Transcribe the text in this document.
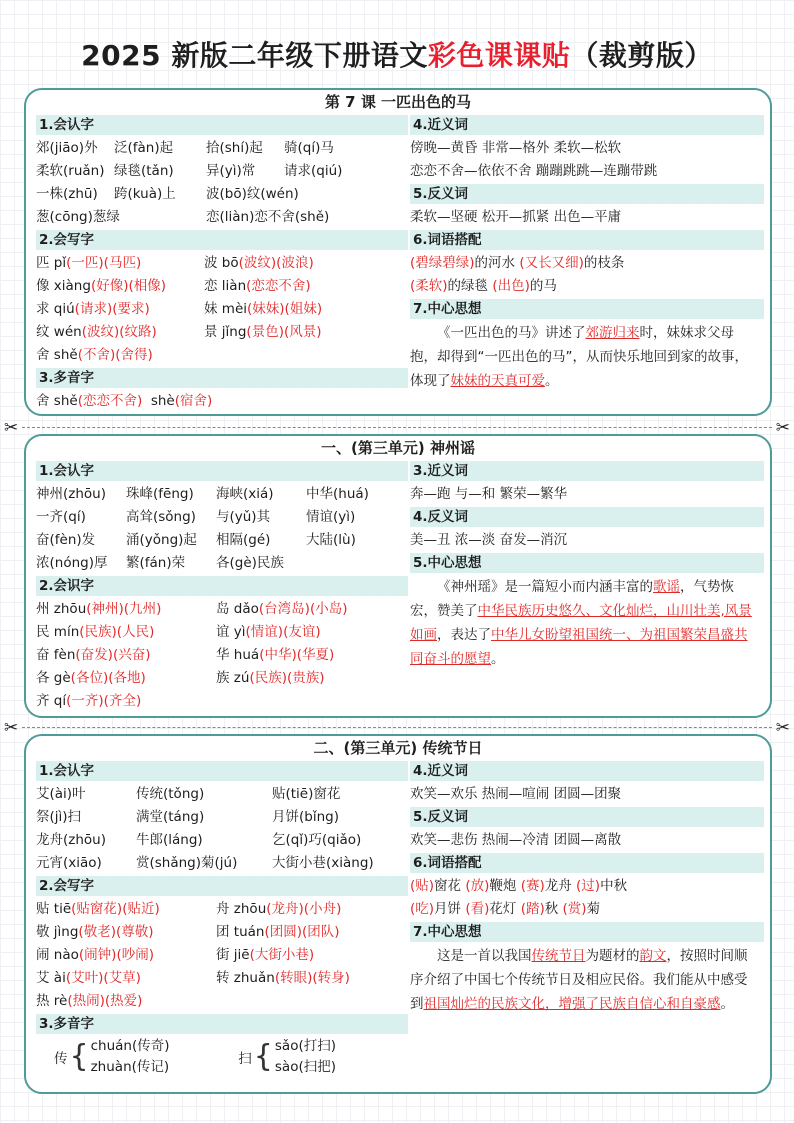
2025 新版二年级下册语文彩色课课贴（裁剪版）
第 7 课 一匹出色的马
1.会认字
郊(jiāo)外 泛(fàn)起 拾(shí)起 骑(qí)马
柔软(ruǎn) 绿毯(tǎn) 异(yì)常 请求(qiú)
一株(zhū) 跨(kuà)上 波(bō)纹(wén)
葱(cōng)葱绿	恋(liàn)恋不舍(shě)
2.会写字
匹 pǐ(一匹)(马匹)	波 bō(波纹)(波浪)
像 xiàng(好像)(相像)	恋 liàn(恋恋不舍)
求 qiú(请求)(要求)	妹 mèi(妹妹)(姐妹)
纹 wén(波纹)(纹路)	景 jǐng(景色)(风景)
舍 shě(不舍)(舍得)
3.多音字
舍 shě(恋恋不舍) shè(宿舍)
4.近义词
傍晚—黄昏 非常—格外 柔软—松软
恋恋不舍—依依不舍 蹦蹦跳跳—连蹦带跳
5.反义词
柔软—坚硬 松开—抓紧 出色—平庸
6.词语搭配
(碧绿碧绿)的河水 (又长又细)的枝条
(柔软)的绿毯 (出色)的马
7.中心思想
《一匹出色的马》讲述了郊游归来时，妹妹求父母抱，却得到“一匹出色的马”，从而快乐地回到家的故事，体现了妹妹的天真可爱。
✂	✂
一、(第三单元) 神州谣
1.会认字
神州(zhōu) 珠峰(fēng) 海峡(xiá) 中华(huá)
一齐(qí)	高耸(sǒng) 与(yǔ)其	情谊(yì)
奋(fèn)发 涌(yǒng)起 相隔(gé)	大陆(lù)
浓(nóng)厚 繁(fán)荣 各(gè)民族
2.会识字
州 zhōu(神州)(九州)	岛 dǎo(台湾岛)(小岛)
民 mín(民族)(人民)	谊 yì(情谊)(友谊)
奋 fèn(奋发)(兴奋)	华 huá(中华)(华夏)
各 gè(各位)(各地)	族 zú(民族)(贵族)
齐 qí(一齐)(齐全)
3.近义词
奔—跑 与—和 繁荣—繁华
4.反义词
美—丑 浓—淡 奋发—消沉
5.中心思想
《神州瑶》是一篇短小而内涵丰富的歌谣，气势恢宏，赞美了中华民族历史悠久、文化灿烂，山川壮美,风景如画，表达了中华儿女盼望祖国统一、为祖国繁荣昌盛共同奋斗的愿望。
✂	✂
二、(第三单元) 传统节日
1.会认字
艾(ài)叶	传统(tǒng)	贴(tiē)窗花
祭(jì)扫	满堂(táng)	月饼(bǐng)
龙舟(zhōu) 牛郎(láng)	乞(qǐ)巧(qiǎo)
元宵(xiāo)	赏(shǎng)菊(jú)	大街小巷(xiàng)
2.会写字
贴 tiē(贴窗花)(贴近)	舟 zhōu(龙舟)(小舟)
敬 jìng(敬老)(尊敬)	团 tuán(团圆)(团队)
闹 nào(闹钟)(吵闹)	街 jiē(大街小巷)
艾 ài(艾叶)(艾草)	转 zhuǎn(转眼)(转身)
热 rè(热闹)(热爱)
3.多音字
传 { chuán(传奇)
zhuàn(传记)
	扫 { sǎo(打扫)
sào(扫把)
4.近义词
欢笑—欢乐 热闹—喧闹 团圆—团聚
5.反义词
欢笑—悲伤 热闹—冷清 团圆—离散
6.词语搭配
(贴)窗花 (放)鞭炮 (赛)龙舟 (过)中秋
(吃)月饼 (看)花灯 (踏)秋 (赏)菊
7.中心思想
这是一首以我国传统节日为题材的韵文，按照时间顺序介绍了中国七个传统节日及相应民俗。我们能从中感受到祖国灿烂的民族文化，增强了民族自信心和自豪感。
